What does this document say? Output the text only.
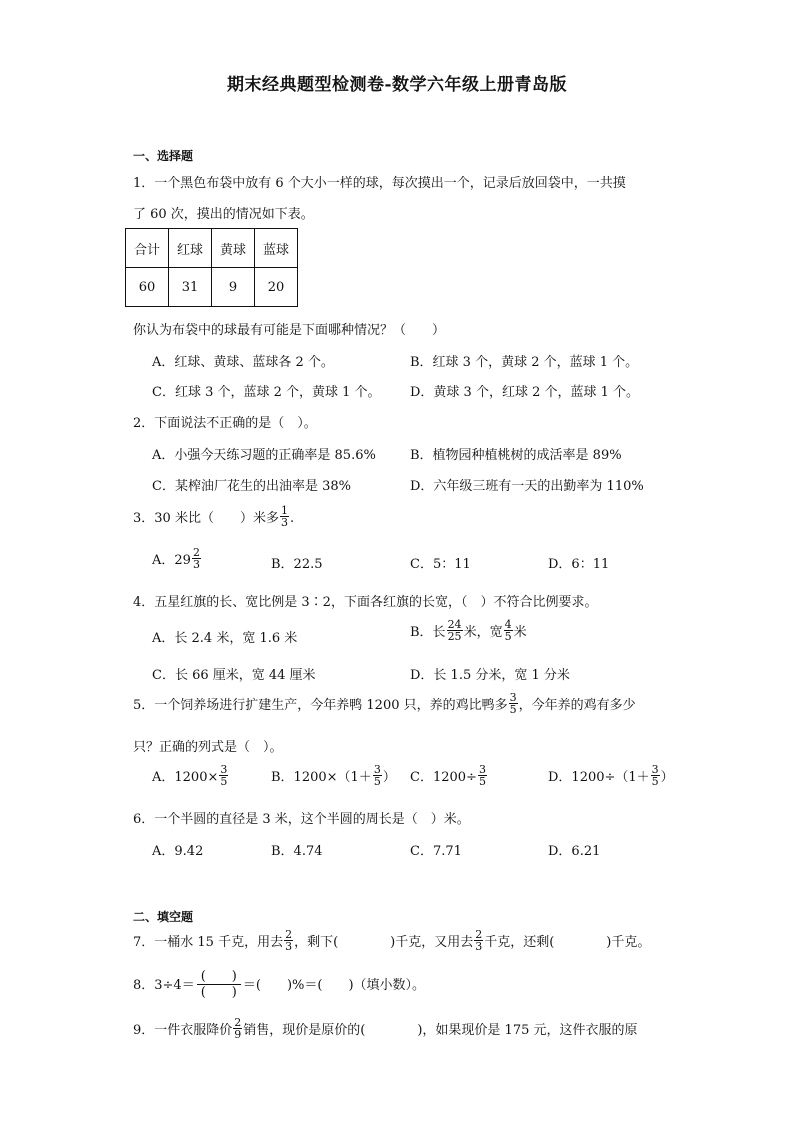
期末经典题型检测卷-数学六年级上册青岛版
一、选择题
1．一个黑色布袋中放有 6 个大小一样的球，每次摸出一个，记录后放回袋中，一共摸
了 60 次，摸出的情况如下表。
合计	红球	黄球	蓝球
60	31	9	20
你认为布袋中的球最有可能是下面哪种情况？（　　）
A．红球、黄球、蓝球各 2 个。	B．红球 3 个，黄球 2 个，蓝球 1 个。
C．红球 3 个，蓝球 2 个，黄球 1 个。 D．黄球 3 个，红球 2 个，蓝球 1 个。
2．下面说法不正确的是（　）。
A．小强今天练习题的正确率是 85.6%	B．植物园种植桃树的成活率是 89%
C．某榨油厂花生的出油率是 38%	D．六年级三班有一天的出勤率为 110%
3．30 米比（　　）米多 $\frac{1}{3}$ .
A．$29 \frac{2}{3}$	B．22.5	C．5：11	D．6：11
4．五星红旗的长、宽比例是 3∶2，下面各红旗的长宽，（　）不符合比例要求。
A．长 2.4 米，宽 1.6 米	B．长 $\frac{24}{25}$ 米，宽 $\frac{4}{5}$ 米
C．长 66 厘米，宽 44 厘米	D．长 1.5 分米，宽 1 分米
5．一个饲养场进行扩建生产，今年养鸭 1200 只，养的鸡比鸭多 $\frac{3}{5}$ ，今年养的鸡有多少
只？正确的列式是（　）。
A．$1200\times \frac{3}{5}$	B．$1200\times(1+ \frac{3}{5}$ ） C．$1200\div \frac{3}{5}$	D．$1200\div(1+ \frac{3}{5}$ ）
6．一个半圆的直径是 3 米，这个半圆的周长是（　）米。
A．9.42	B．4.74	C．7.71	D．6.21
二、填空题
7．一桶水 15 千克，用去 $\frac{2}{3}$ ，剩下(　　　　)千克，又用去 $\frac{2}{3}$ 千克，还剩(　　　　)千克。
8．3÷4＝
(　　)
(　　) ＝(　　)%＝(　　)（填小数）。
9．一件衣服降价 $\frac{2}{9}$ 销售，现价是原价的(　　　　)，如果现价是 175 元，这件衣服的原
